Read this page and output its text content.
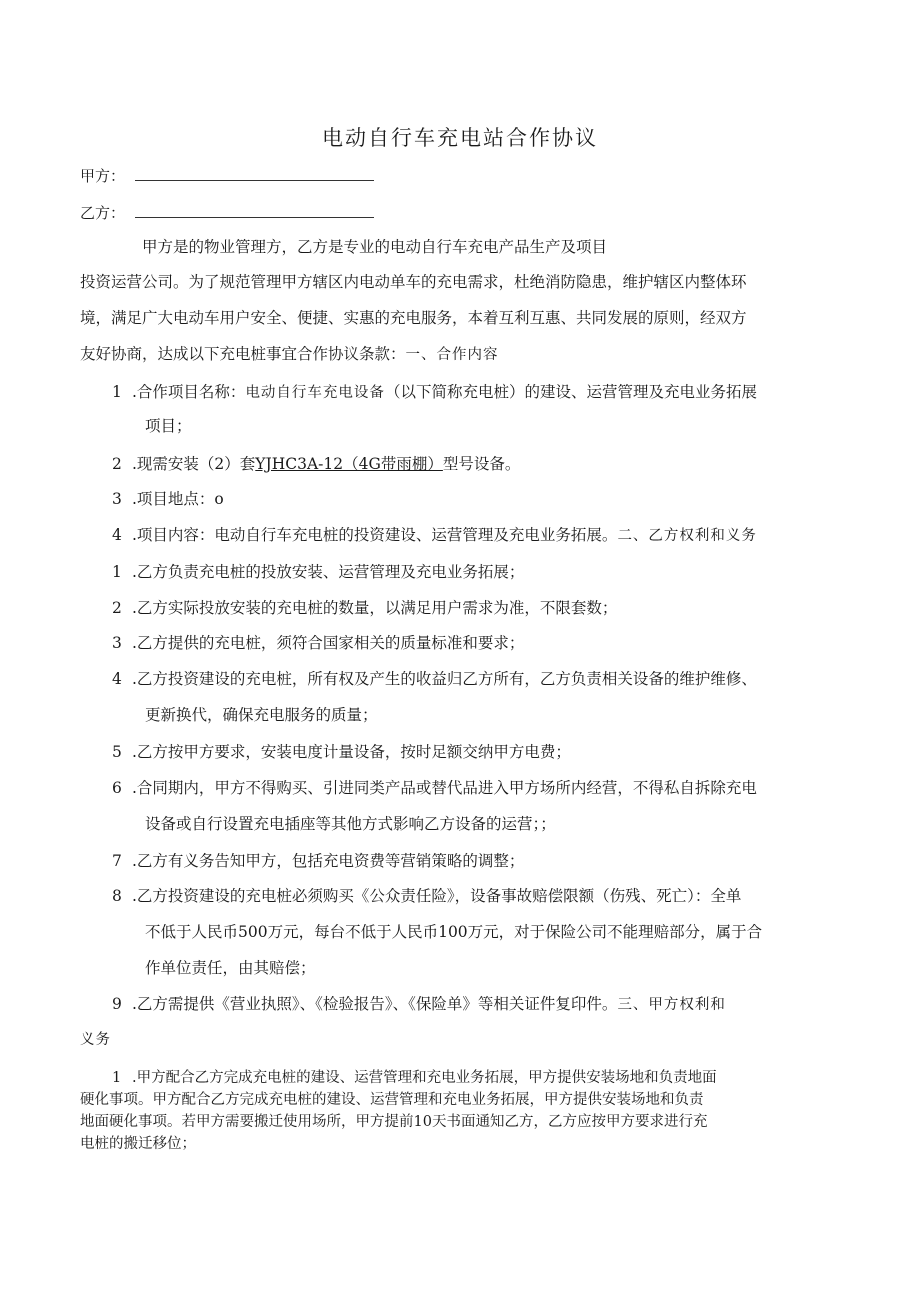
电动自行车充电站合作协议
甲方：
乙方：
甲方是的物业管理方，乙方是专业的电动自行车充电产品生产及项目
投资运营公司。为了规范管理甲方辖区内电动单车的充电需求，杜绝消防隐患，维护辖区内整体环
境，满足广大电动车用户安全、便捷、实惠的充电服务，本着互利互惠、共同发展的原则，经双方
友好协商，达成以下充电桩事宜合作协议条款：一、合作内容
1 .合作项目名称：电动自行车充电设备（以下简称充电桩）的建设、运营管理及充电业务拓展
项目；
2 .现需安装（2）套YJHC3A-12（4G带雨棚）型号设备。
3 .项目地点：o
4 .项目内容：电动自行车充电桩的投资建设、运营管理及充电业务拓展。二、乙方权利和义务
1 .乙方负责充电桩的投放安装、运营管理及充电业务拓展；
2 .乙方实际投放安装的充电桩的数量，以满足用户需求为准，不限套数；
3 .乙方提供的充电桩，须符合国家相关的质量标准和要求；
4 .乙方投资建设的充电桩，所有权及产生的收益归乙方所有，乙方负责相关设备的维护维修、
更新换代，确保充电服务的质量；
5 .乙方按甲方要求，安装电度计量设备，按时足额交纳甲方电费；
6 .合同期内，甲方不得购买、引进同类产品或替代品进入甲方场所内经营，不得私自拆除充电
设备或自行设置充电插座等其他方式影响乙方设备的运营；；
7 .乙方有义务告知甲方，包括充电资费等营销策略的调整；
8 .乙方投资建设的充电桩必须购买《公众责任险》，设备事故赔偿限额（伤残、死亡）：全单
不低于人民币500万元，每台不低于人民币100万元，对于保险公司不能理赔部分，属于合
作单位责任，由其赔偿；
9 .乙方需提供《营业执照》、《检验报告》、《保险单》等相关证件复印件。三、甲方权利和
义务
1 .甲方配合乙方完成充电桩的建设、运营管理和充电业务拓展，甲方提供安装场地和负责地面
硬化事项。甲方配合乙方完成充电桩的建设、运营管理和充电业务拓展，甲方提供安装场地和负责
地面硬化事项。若甲方需要搬迁使用场所，甲方提前10天书面通知乙方，乙方应按甲方要求进行充
电桩的搬迁移位；
